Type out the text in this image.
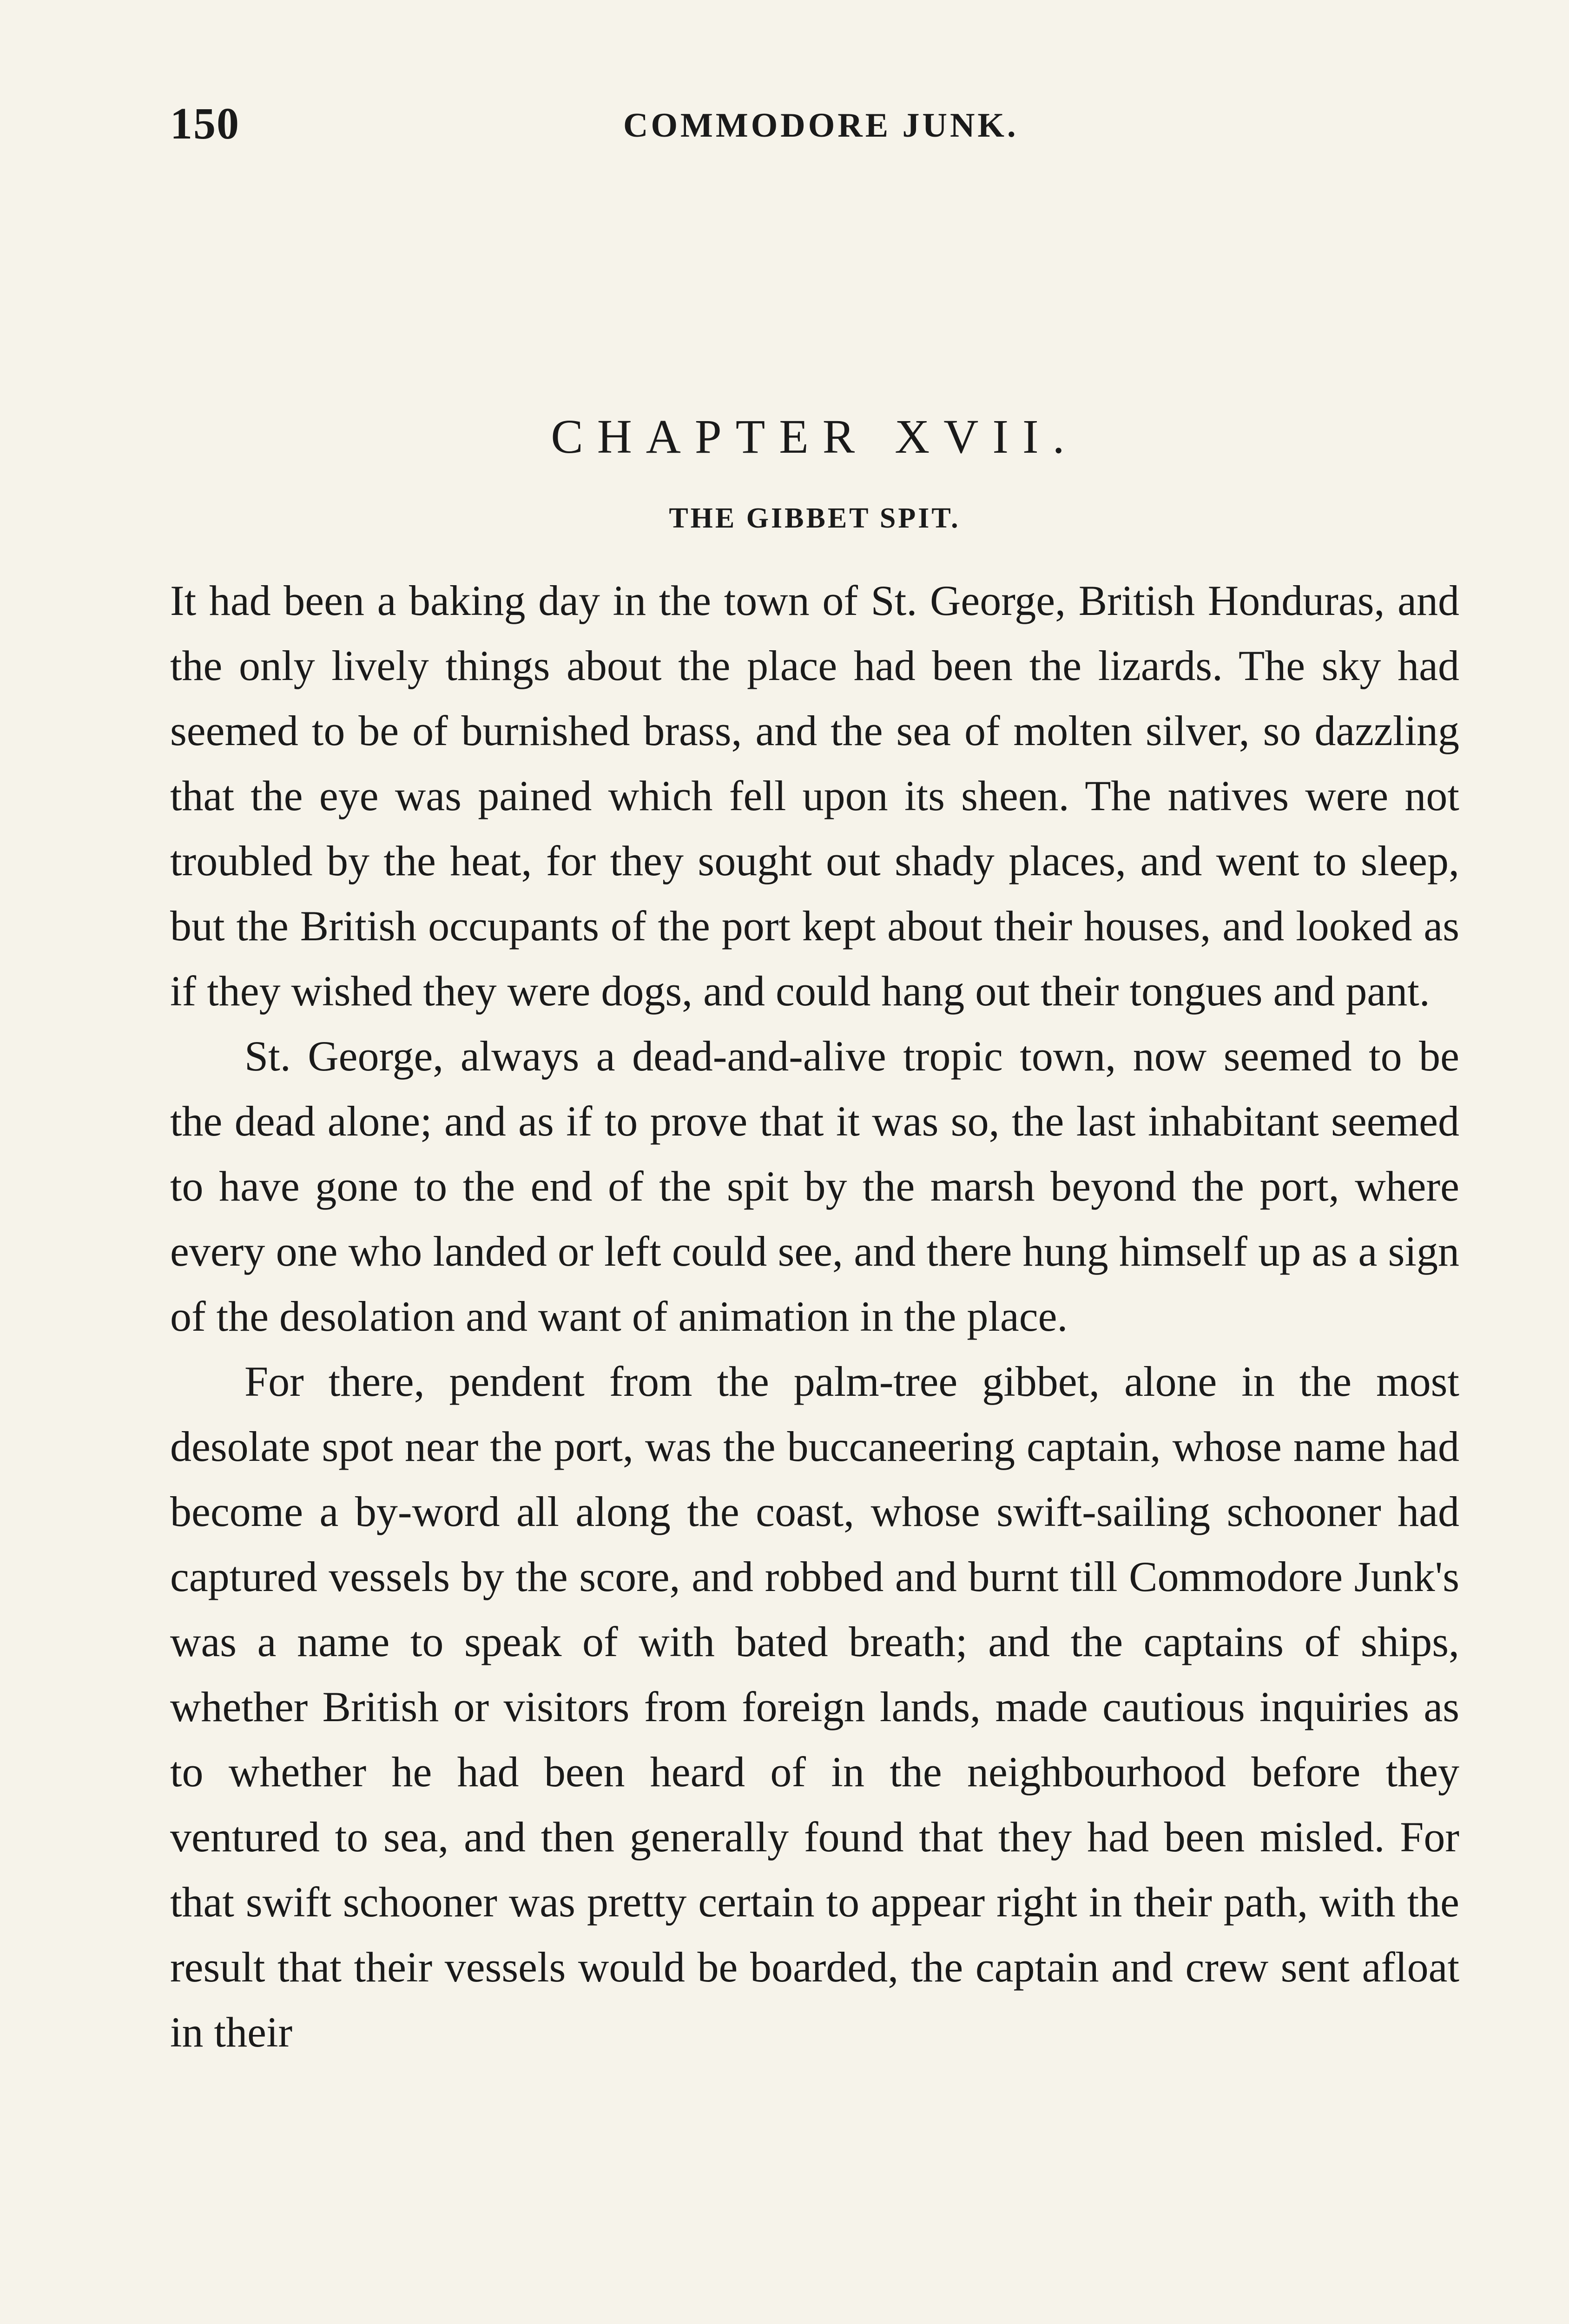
150	COMMODORE JUNK.
CHAPTER XVII.
THE GIBBET SPIT.

It had been a baking day in the town of St. George, British Honduras, and the only lively things about the place had been the lizards. The sky had seemed to be of burnished brass, and the sea of molten silver, so dazzling that the eye was pained which fell upon its sheen. The natives were not troubled by the heat, for they sought out shady places, and went to sleep, but the British occupants of the port kept about their houses, and looked as if they wished they were dogs, and could hang out their tongues and pant.

St. George, always a dead-and-alive tropic town, now seemed to be the dead alone; and as if to prove that it was so, the last inhabitant seemed to have gone to the end of the spit by the marsh beyond the port, where every one who landed or left could see, and there hung himself up as a sign of the desolation and want of animation in the place.

For there, pendent from the palm-tree gibbet, alone in the most desolate spot near the port, was the buccaneering captain, whose name had become a by-word all along the coast, whose swift-sailing schooner had captured vessels by the score, and robbed and burnt till Commodore Junk's was a name to speak of with bated breath; and the captains of ships, whether British or visitors from foreign lands, made cautious inquiries as to whether he had been heard of in the neighbourhood before they ventured to sea, and then generally found that they had been misled. For that swift schooner was pretty certain to appear right in their path, with the result that their vessels would be boarded, the captain and crew sent afloat in their
